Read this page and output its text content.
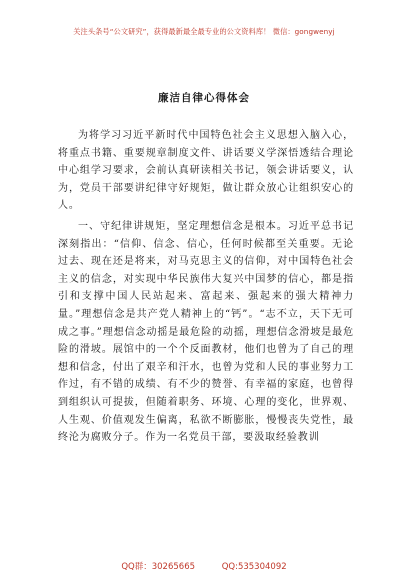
关注头条号“公文研究”，获得最新最全最专业的公文资料库！ 微信：gongwenyj
廉洁自律心得体会

为将学习习近平新时代中国特色社会主义思想入脑入心，将重点书籍、重要规章制度文件、讲话要义学深悟透结合理论中心组学习要求，会前认真研读相关书记，领会讲话要义，认为，党员干部要讲纪律守好规矩，做让群众放心让组织安心的人。

一、守纪律讲规矩，坚定理想信念是根本。习近平总书记深刻指出：“信仰、信念、信心，任何时候都至关重要。无论过去、现在还是将来，对马克思主义的信仰，对中国特色社会主义的信念，对实现中华民族伟大复兴中国梦的信心，都是指引和支撑中国人民站起来、富起来、强起来的强大精神力量。”理想信念是共产党人精神上的“钙”。“志不立，天下无可成之事。”理想信念动摇是最危险的动摇，理想信念滑坡是最危险的滑坡。展馆中的一个个反面教材，他们也曾为了自己的理想和信念，付出了艰辛和汗水，也曾为党和人民的事业努力工作过，有不错的成绩、有不少的赞誉、有幸福的家庭，也曾得到组织认可提拔，但随着职务、环境、心理的变化，世界观、人生观、价值观发生偏离，私欲不断膨胀，慢慢丧失党性，最终沦为腐败分子。作为一名党员干部，要汲取经验教训

QQ群：30265665	QQ:535304092
